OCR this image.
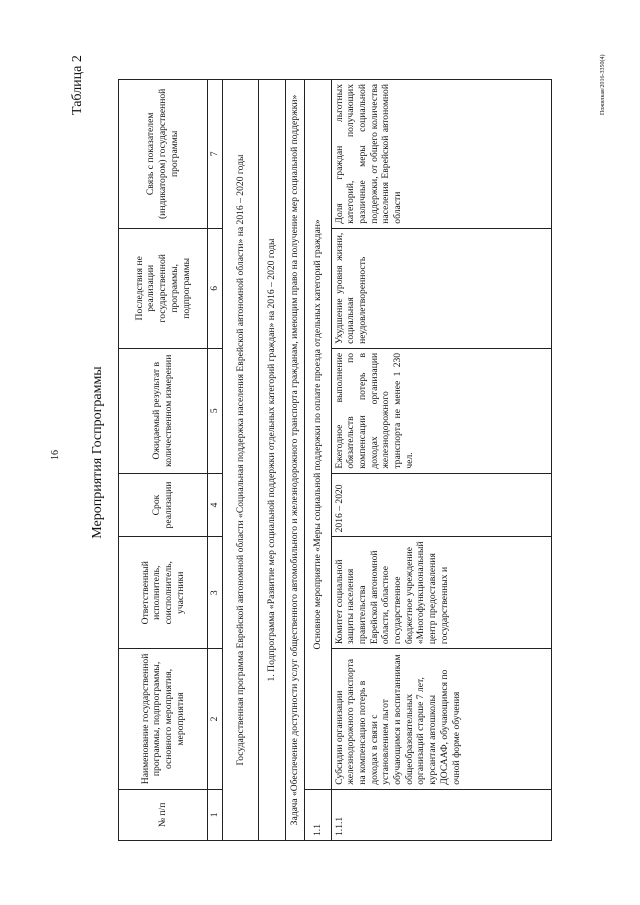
16
Таблица 2
Мероприятия Госпрограммы
№ п/п	Наименование государственной программы, подпрограммы, основного мероприятия, мероприятия	Ответственный исполнитель, соисполнитель, участники	Срок реализации	Ожидаемый результат в количественном измерении	Последствия не реализации государственной программы, подпрограммы	Связь с показателем (индикатором) государственной программы
1	2	3	4	5	6	7
Государственная программа Еврейской автономной области «Социальная поддержка населения Еврейской автономной области» на 2016 – 2020 годы						
1. Подпрограмма «Развитие мер социальной поддержки отдельных категорий граждан» на 2016 – 2020 годы						
Задача «Обеспечение доступности услуг общественного автомобильного и железнодорожного транспорта гражданам, имеющим право на получение мер социальной поддержки»						
1.1	Основное мероприятие «Меры социальной поддержки по оплате проезда отдельных категорий граждан»					
1.1.1	Субсидии организации железнодорожного транспорта на компенсацию потерь в доходах в связи с установлением льгот обучающимся и воспитанникам общеобразовательных организаций старше 7 лет, курсантам автошколы ДОСААФ, обучающимся по очной форме обучения	Комитет социальной защиты населения правительства Еврейской автономной области, областное государственное бюджетное учреждение «Многофункциональный центр предоставления государственных и	2016 – 2020	Ежегодное выполнение обязательств по компенсации потерь в доходах организации железнодорожного транспорта не менее 1 230 чел.	Ухудшение уровня жизни, социальная неудовлетворенность	Доля граждан льготных категорий, получающих различные меры социальной поддержки, от общего количества населения Еврейской автономной области
Пожилкая/2016-3350(4)
